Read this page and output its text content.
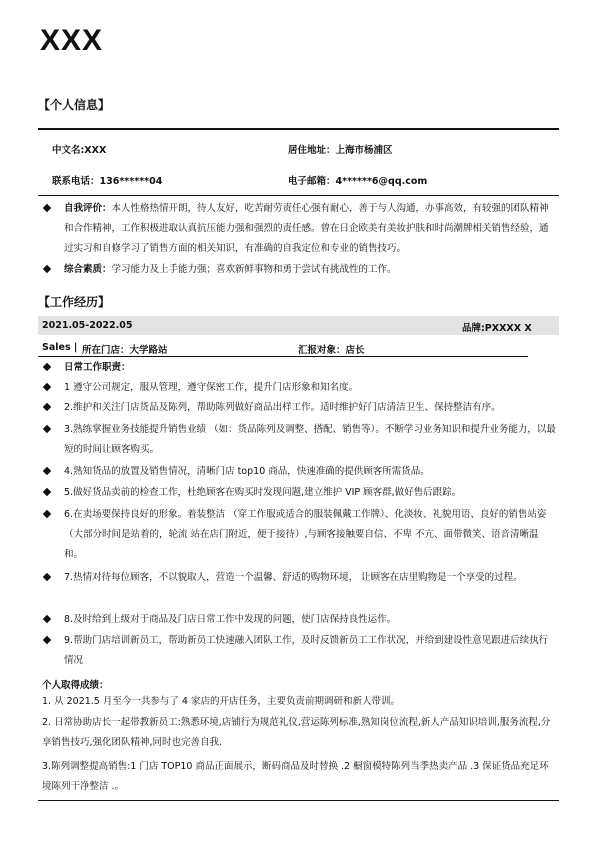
XXX
【个人信息】
中文名:XXX	居住地址：上海市杨浦区
联系电话：136******04	电子邮箱：4******6@qq.com
自我评价：本人性格热情开朗，待人友好，吃苦耐劳责任心强有耐心，善于与人沟通，办事高效，有较强的团队精神和合作精神，工作积极进取认真抗压能力强和强烈的责任感。曾在日企欧美有美妆护肤和时尚潮牌相关销售经验，通过实习和自修学习了销售方面的相关知识，有准确的自我定位和专业的销售技巧。
综合素质：学习能力及上手能力强；喜欢新鲜事物和勇于尝试有挑战性的工作。
【工作经历】
2021.05-2022.05	品牌:PXXXX X
Sales | 所在门店：大学路站	汇报对象：店长
日常工作职责：
1 遵守公司规定，服从管理，遵守保密工作，提升门店形象和知名度。
2.维护和关注门店货品及陈列，帮助陈列做好商品出样工作。适时维护好门店清洁卫生、保持整洁有序。
3.熟练掌握业务技能提升销售业绩 （如：货品陈列及调整、搭配、销售等）。不断学习业务知识和提升业务能力，以最短的时间让顾客购买。
4.熟知货品的放置及销售情况，清晰门店 top10 商品，快速准确的提供顾客所需货品。
5.做好货品卖前的检查工作，杜绝顾客在购买时发现问题,建立维护 VIP 顾客群,做好售后跟踪。
6.在卖场要保持良好的形象。着装整洁 （穿工作服或适合的服装佩戴工作牌）、化淡妆、礼貌用语、良好的销售站姿（大部分时间是站着的，轮流 站在店门附近，便于接待）,与顾客接触要自信、不卑 不亢、面带微笑、语音清晰温和。
7.热情对待每位顾客，不以貌取人，营造一个温馨、舒适的购物环境， 让顾客在店里购物是一个享受的过程。
8.及时给到上级对于商品及门店日常工作中发现的问题，使门店保持良性运作。
9.帮助门店培训新员工，帮助新员工快速融入团队工作，及时反馈新员工工作状况，并给到建设性意见跟进后续执行情况
个人取得成绩：
1. 从 2021.5 月至今一共参与了 4 家店的开店任务，主要负责前期调研和新人带训。
2. 日常协助店长一起带教新员工:熟悉环境,店铺行为规范礼仪,营运陈列标准,熟知岗位流程,新人产品知识培训,服务流程,分享销售技巧,强化团队精神,同时也完善自我.
3.陈列调整提高销售:1 门店 TOP10 商品正面展示，断码商品及时替换 .2 橱窗模特陈列当季热卖产品 .3 保证货品充足环境陈列干净整洁 .。
